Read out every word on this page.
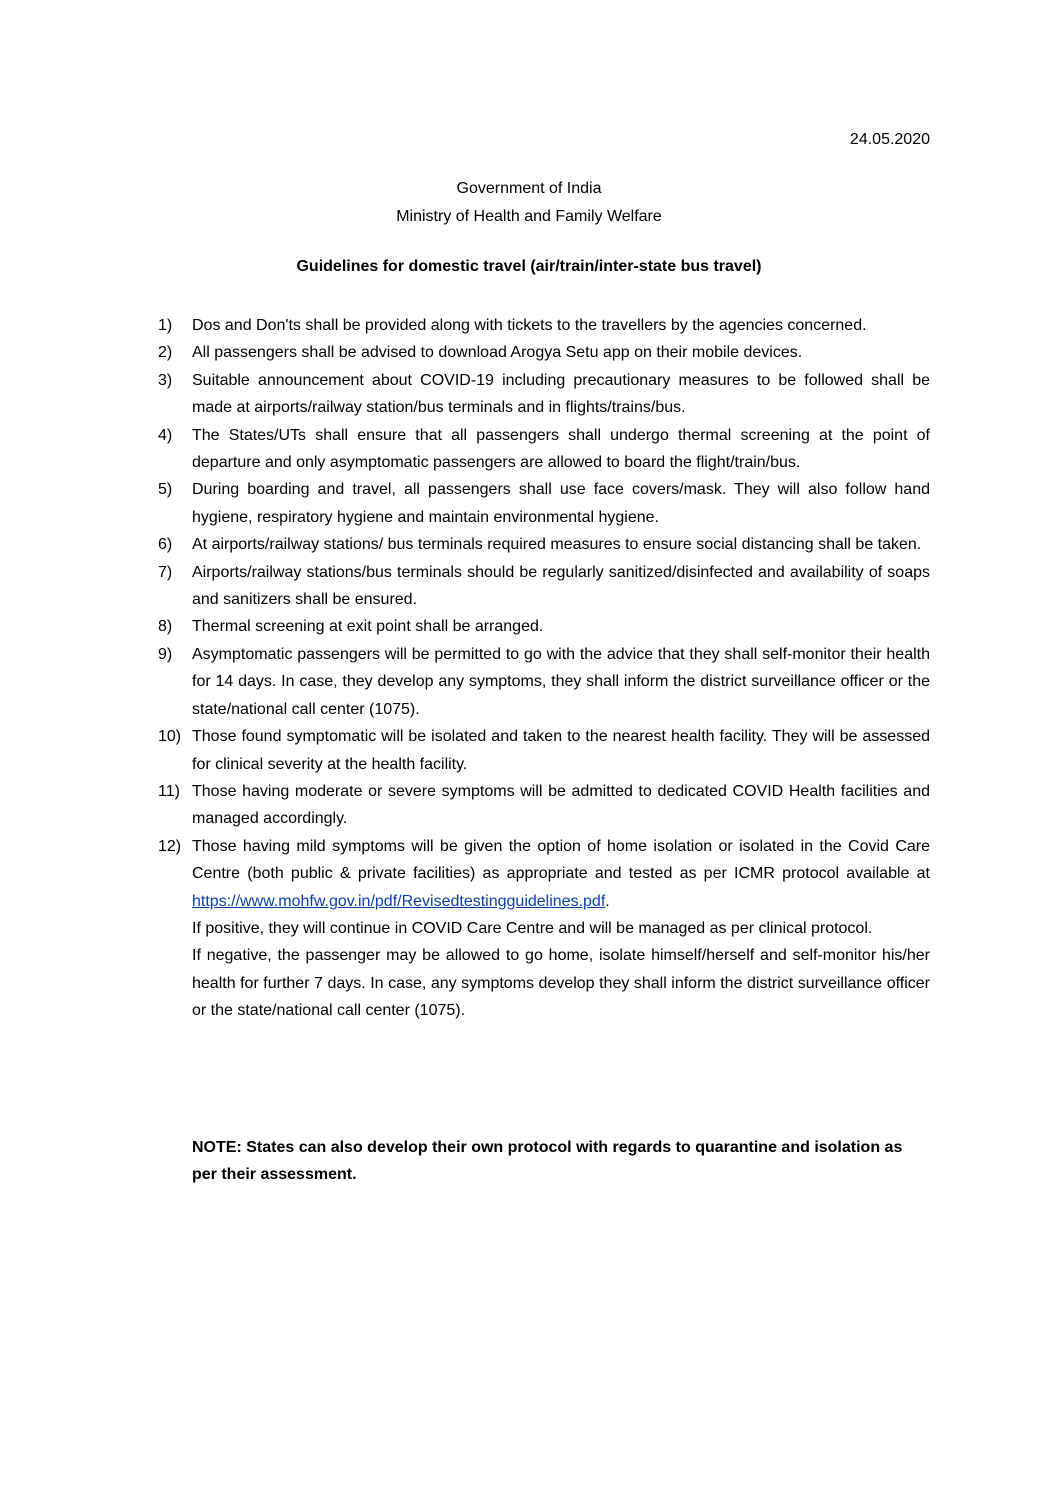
24.05.2020
Government of India
Ministry of Health and Family Welfare
Guidelines for domestic travel (air/train/inter-state bus travel)
1)	Dos and Don'ts shall be provided along with tickets to the travellers by the agencies concerned.
2)	All passengers shall be advised to download Arogya Setu app on their mobile devices.
3)	Suitable announcement about COVID-19 including precautionary measures to be followed shall be made at airports/railway station/bus terminals and in flights/trains/bus.
4)	The States/UTs shall ensure that all passengers shall undergo thermal screening at the point of departure and only asymptomatic passengers are allowed to board the flight/train/bus.
5)	During boarding and travel, all passengers shall use face covers/mask. They will also follow hand hygiene, respiratory hygiene and maintain environmental hygiene.
6)	At airports/railway stations/ bus terminals required measures to ensure social distancing shall be taken.
7)	Airports/railway stations/bus terminals should be regularly sanitized/disinfected and availability of soaps and sanitizers shall be ensured.
8)	Thermal screening at exit point shall be arranged.
9)	Asymptomatic passengers will be permitted to go with the advice that they shall self-monitor their health for 14 days. In case, they develop any symptoms, they shall inform the district surveillance officer or the state/national call center (1075).
10) Those found symptomatic will be isolated and taken to the nearest health facility. They will be assessed for clinical severity at the health facility.
11) Those having moderate or severe symptoms will be admitted to dedicated COVID Health facilities and managed accordingly.
12) Those having mild symptoms will be given the option of home isolation or isolated in the Covid Care Centre (both public & private facilities) as appropriate and tested as per ICMR protocol available at https://www.mohfw.gov.in/pdf/Revisedtestingguidelines.pdf.

If positive, they will continue in COVID Care Centre and will be managed as per clinical protocol.

If negative, the passenger may be allowed to go home, isolate himself/herself and self-monitor his/her health for further 7 days. In case, any symptoms develop they shall inform the district surveillance officer or the state/national call center (1075).

NOTE: States can also develop their own protocol with regards to quarantine and isolation as per their assessment.
